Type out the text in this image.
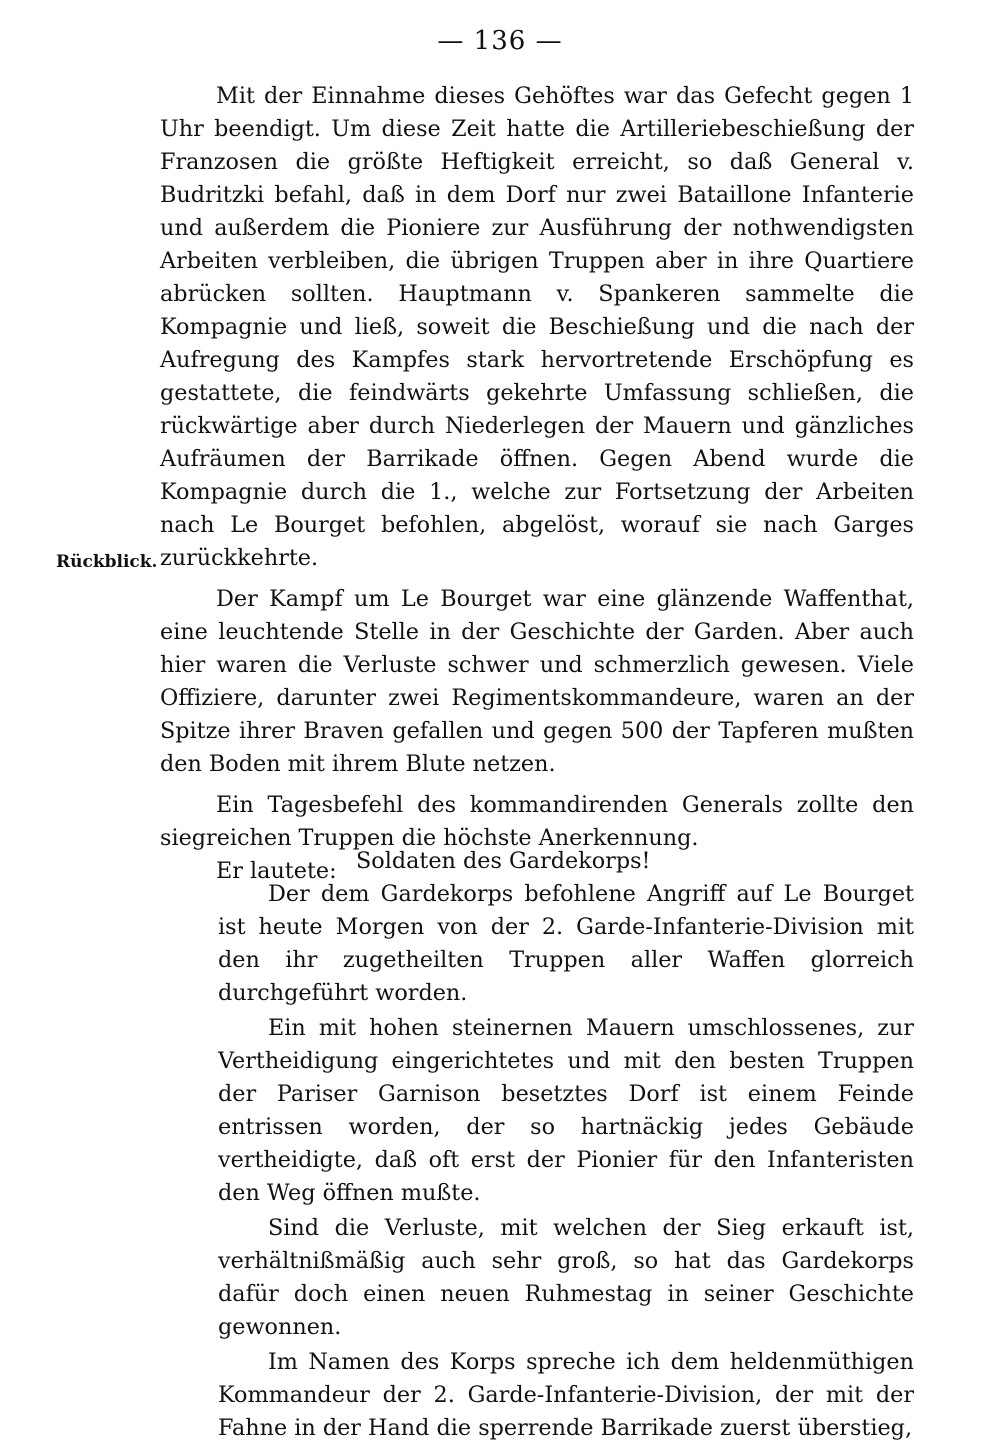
— 136 —
Rückblick.

Mit der Einnahme dieses Gehöftes war das Gefecht gegen 1 Uhr beendigt. Um diese Zeit hatte die Artilleriebeschießung der Franzosen die größte Heftigkeit erreicht, so daß General v. Budritzki befahl, daß in dem Dorf nur zwei Bataillone Infanterie und außerdem die Pioniere zur Ausführung der nothwendigsten Arbeiten verbleiben, die übrigen Truppen aber in ihre Quartiere abrücken sollten. Hauptmann v. Spankeren sammelte die Kompagnie und ließ, soweit die Beschießung und die nach der Aufregung des Kampfes stark hervortretende Erschöpfung es gestattete, die feindwärts gekehrte Umfassung schließen, die rückwärtige aber durch Niederlegen der Mauern und gänzliches Aufräumen der Barrikade öffnen. Gegen Abend wurde die Kompagnie durch die 1., welche zur Fortsetzung der Arbeiten nach Le Bourget befohlen, abgelöst, worauf sie nach Garges zurückkehrte.

Der Kampf um Le Bourget war eine glänzende Waffenthat, eine leuchtende Stelle in der Geschichte der Garden. Aber auch hier waren die Verluste schwer und schmerzlich gewesen. Viele Offiziere, darunter zwei Regimentskommandeure, waren an der Spitze ihrer Braven gefallen und gegen 500 der Tapferen mußten den Boden mit ihrem Blute netzen.

Ein Tagesbefehl des kommandirenden Generals zollte den siegreichen Truppen die höchste Anerkennung.

Er lautete: Soldaten des Gardekorps!

Der dem Gardekorps befohlene Angriff auf Le Bourget ist heute Morgen von der 2. Garde-Infanterie-Division mit den ihr zugetheilten Truppen aller Waffen glorreich durchgeführt worden.

Ein mit hohen steinernen Mauern umschlossenes, zur Vertheidigung eingerichtetes und mit den besten Truppen der Pariser Garnison besetztes Dorf ist einem Feinde entrissen worden, der so hartnäckig jedes Gebäude vertheidigte, daß oft erst der Pionier für den Infanteristen den Weg öffnen mußte.

Sind die Verluste, mit welchen der Sieg erkauft ist, verhältnißmäßig auch sehr groß, so hat das Gardekorps dafür doch einen neuen Ruhmestag in seiner Geschichte gewonnen.

Im Namen des Korps spreche ich dem heldenmüthigen Kommandeur der 2. Garde-Infanterie-Division, der mit der Fahne in der Hand die sperrende Barrikade zuerst überstieg,
